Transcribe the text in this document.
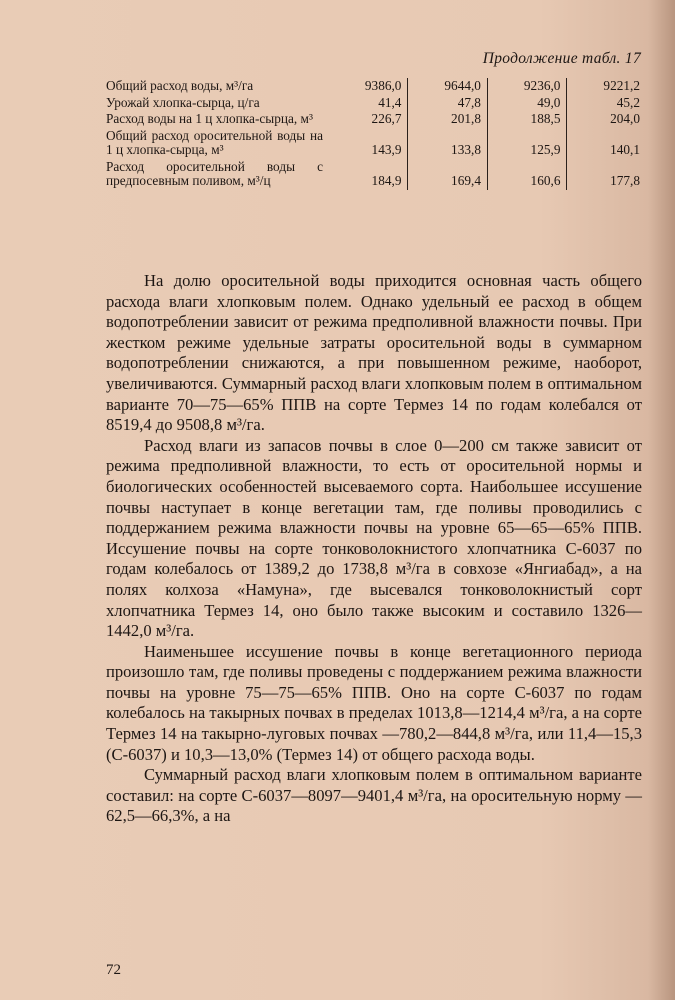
Продолжение табл. 17
Общий расход воды, м³/га	9386,0	9644,0	9236,0	9221,2
Урожай хлопка-сырца, ц/га	41,4	47,8	49,0	45,2
Расход воды на 1 ц хлопка-сырца, м³	226,7	201,8	188,5	204,0
Общий расход оросительной воды на 1 ц хлопка-сырца, м³	143,9	133,8	125,9	140,1
Расход оросительной воды с предпосевным поливом, м³/ц	184,9	169,4	160,6	177,8

На долю оросительной воды приходится основная часть общего расхода влаги хлопковым полем. Однако удельный ее расход в общем водопотреблении зависит от режима предполивной влажности почвы. При жестком режиме удельные затраты оросительной воды в суммарном водопотреблении снижаются, а при повышенном режиме, наоборот, увеличиваются. Суммарный расход влаги хлопковым полем в оптимальном варианте 70—75—65% ППВ на сорте Термез 14 по годам колебался от 8519,4 до 9508,8 м³/га.

Расход влаги из запасов почвы в слое 0—200 см также зависит от режима предполивной влажности, то есть от оросительной нормы и биологических особенностей высеваемого сорта. Наибольшее иссушение почвы наступает в конце вегетации там, где поливы проводились с поддержанием режима влажности почвы на уровне 65—65—65% ППВ. Иссушение почвы на сорте тонковолокнистого хлопчатника С-6037 по годам колебалось от 1389,2 до 1738,8 м³/га в совхозе «Янгиабад», а на полях колхоза «Намуна», где высевался тонковолокнистый сорт хлопчатника Термез 14, оно было также высоким и составило 1326—1442,0 м³/га.

Наименьшее иссушение почвы в конце вегетационного периода произошло там, где поливы проведены с поддержанием режима влажности почвы на уровне 75—75—65% ППВ. Оно на сорте С-6037 по годам колебалось на такырных почвах в пределах 1013,8—1214,4 м³/га, а на сорте Термез 14 на такырно-луговых почвах —780,2—844,8 м³/га, или 11,4—15,3 (С-6037) и 10,3—13,0% (Термез 14) от общего расхода воды.

Суммарный расход влаги хлопковым полем в оптимальном варианте составил: на сорте С-6037—8097—9401,4 м³/га, на оросительную норму —62,5—66,3%, а на

72
